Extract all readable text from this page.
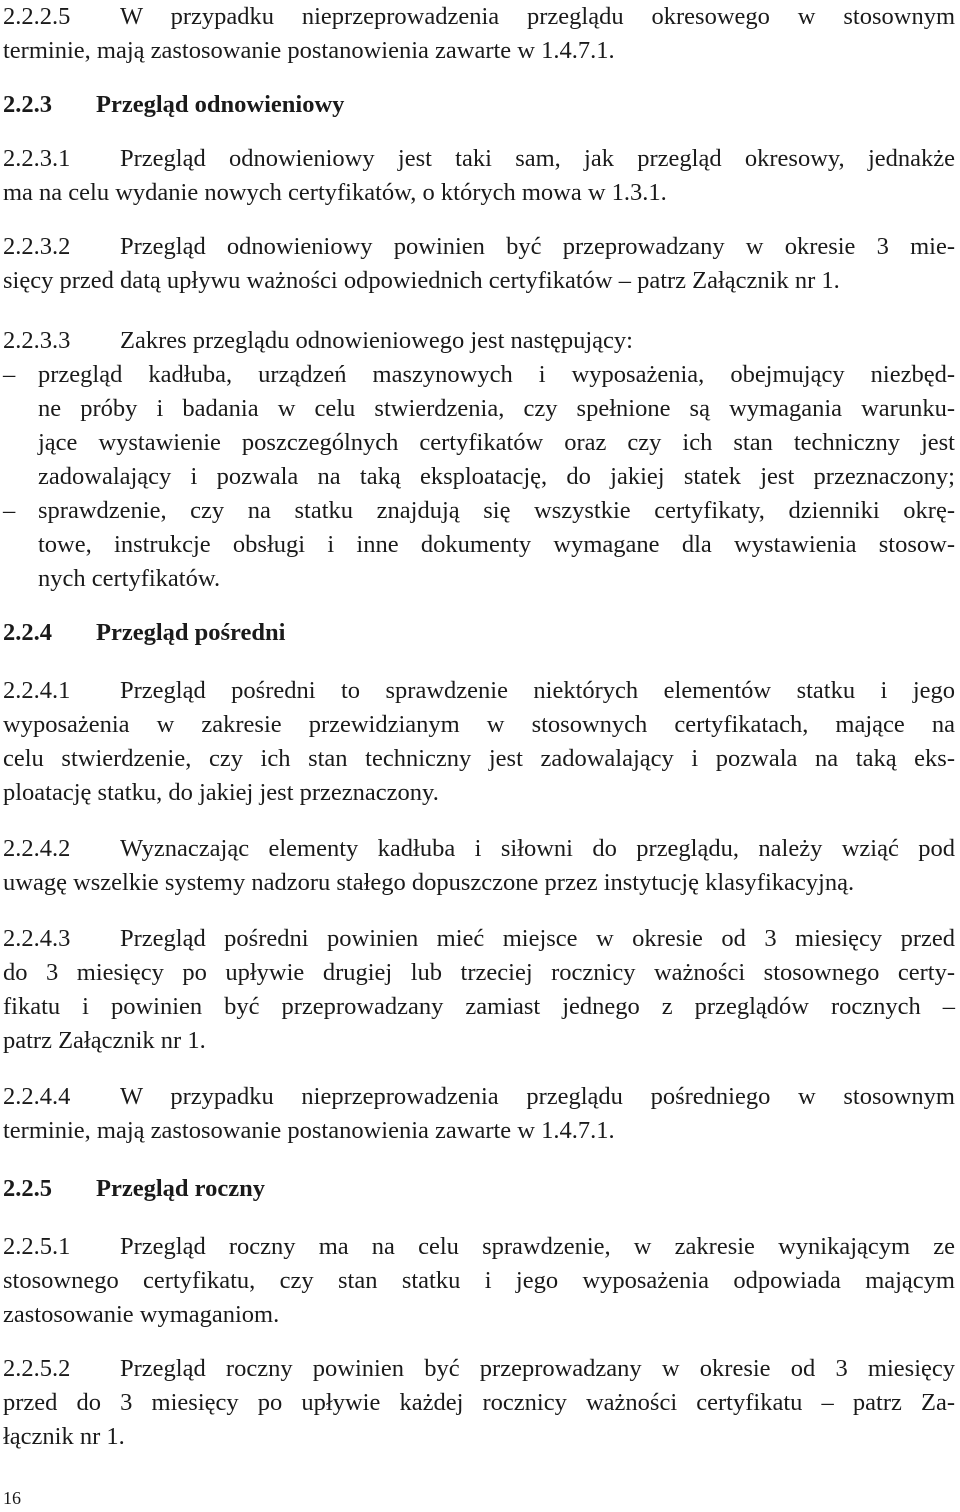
2.2.2.5 W przypadku nieprzeprowadzenia przeglądu okresowego w stosownym
terminie, mają zastosowanie postanowienia zawarte w 1.4.7.1.
2.2.3 Przegląd odnowieniowy
2.2.3.1 Przegląd odnowieniowy jest taki sam, jak przegląd okresowy, jednakże
ma na celu wydanie nowych certyfikatów, o których mowa w 1.3.1.
2.2.3.2 Przegląd odnowieniowy powinien być przeprowadzany w okresie 3 mie-
sięcy przed datą upływu ważności odpowiednich certyfikatów – patrz Załącznik nr 1.
2.2.3.3 Zakres przeglądu odnowieniowego jest następujący:
– przegląd kadłuba, urządzeń maszynowych i wyposażenia, obejmujący niezbęd-
ne próby i badania w celu stwierdzenia, czy spełnione są wymagania warunku-
jące wystawienie poszczególnych certyfikatów oraz czy ich stan techniczny jest
zadowalający i pozwala na taką eksploatację, do jakiej statek jest przeznaczony;
– sprawdzenie, czy na statku znajdują się wszystkie certyfikaty, dzienniki okrę-
towe, instrukcje obsługi i inne dokumenty wymagane dla wystawienia stosow-
nych certyfikatów.
2.2.4 Przegląd pośredni
2.2.4.1 Przegląd pośredni to sprawdzenie niektórych elementów statku i jego
wyposażenia w zakresie przewidzianym w stosownych certyfikatach, mające na
celu stwierdzenie, czy ich stan techniczny jest zadowalający i pozwala na taką eks-
ploatację statku, do jakiej jest przeznaczony.
2.2.4.2 Wyznaczając elementy kadłuba i siłowni do przeglądu, należy wziąć pod
uwagę wszelkie systemy nadzoru stałego dopuszczone przez instytucję klasyfikacyjną.
2.2.4.3 Przegląd pośredni powinien mieć miejsce w okresie od 3 miesięcy przed
do 3 miesięcy po upływie drugiej lub trzeciej rocznicy ważności stosownego certy-
fikatu i powinien być przeprowadzany zamiast jednego z przeglądów rocznych –
patrz Załącznik nr 1.
2.2.4.4 W przypadku nieprzeprowadzenia przeglądu pośredniego w stosownym
terminie, mają zastosowanie postanowienia zawarte w 1.4.7.1.
2.2.5 Przegląd roczny
2.2.5.1 Przegląd roczny ma na celu sprawdzenie, w zakresie wynikającym ze
stosownego certyfikatu, czy stan statku i jego wyposażenia odpowiada mającym
zastosowanie wymaganiom.
2.2.5.2 Przegląd roczny powinien być przeprowadzany w okresie od 3 miesięcy
przed do 3 miesięcy po upływie każdej rocznicy ważności certyfikatu – patrz Za-
łącznik nr 1.
16
